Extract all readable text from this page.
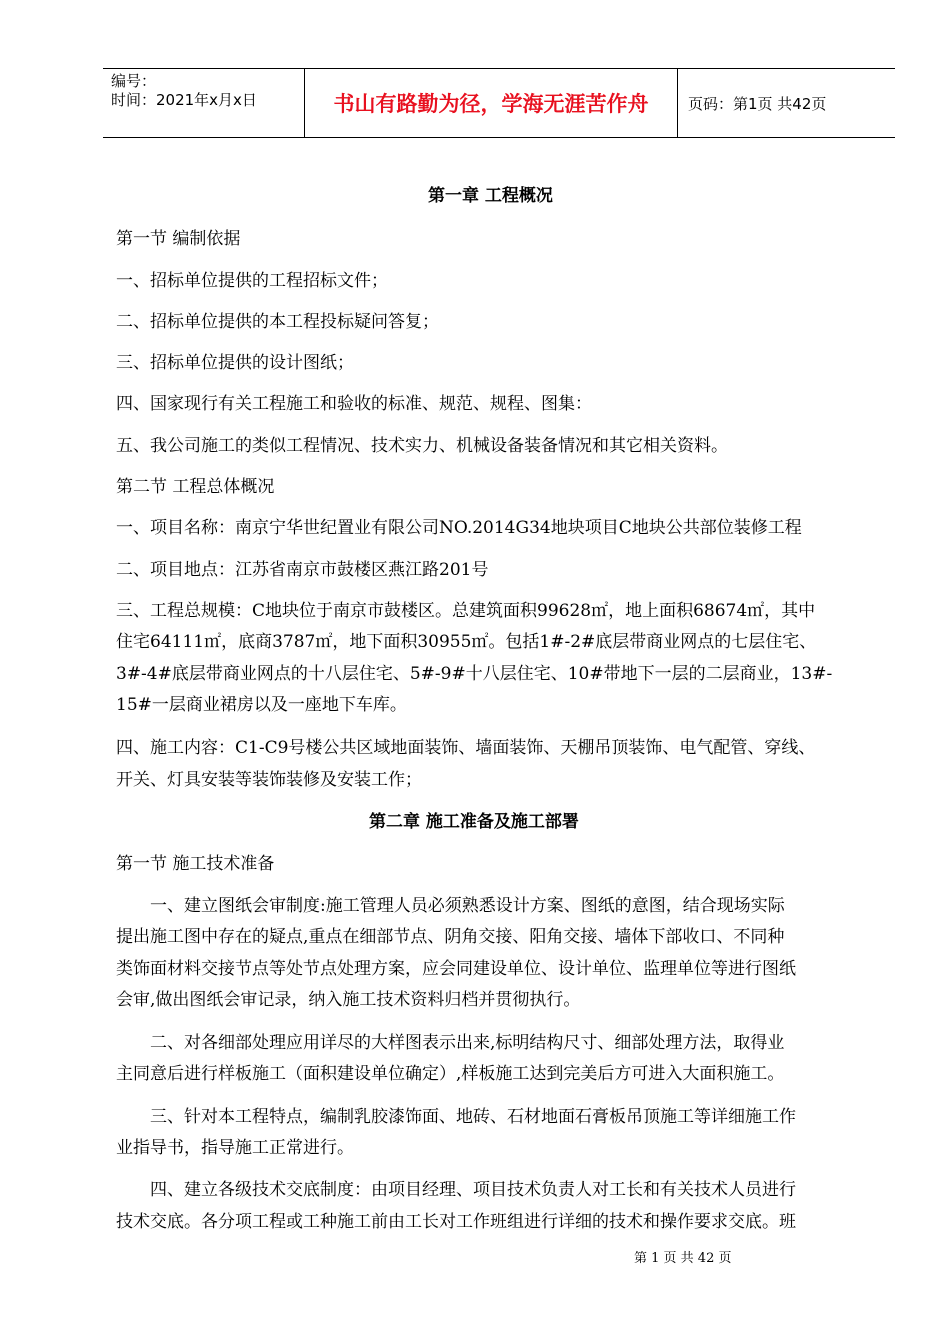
编号：
时间：2021年x月x日	书山有路勤为径，学海无涯苦作舟	页码：第1页 共42页
第一章 工程概况
第一节 编制依据
一、招标单位提供的工程招标文件；
二、招标单位提供的本工程投标疑问答复；
三、招标单位提供的设计图纸；
四、国家现行有关工程施工和验收的标准、规范、规程、图集：
五、我公司施工的类似工程情况、技术实力、机械设备装备情况和其它相关资料。
第二节 工程总体概况
一、项目名称：南京宁华世纪置业有限公司NO.2014G34地块项目C地块公共部位装修工程
二、项目地点：江苏省南京市鼓楼区燕江路201号
三、工程总规模：C地块位于南京市鼓楼区。总建筑面积99628㎡，地上面积68674㎡，其中
住宅64111㎡，底商3787㎡，地下面积30955㎡。包括1#-2#底层带商业网点的七层住宅、
3#-4#底层带商业网点的十八层住宅、5#-9#十八层住宅、10#带地下一层的二层商业，13#-
15#一层商业裙房以及一座地下车库。
四、施工内容：C1-C9号楼公共区域地面装饰、墙面装饰、天棚吊顶装饰、电气配管、穿线、
开关、灯具安装等装饰装修及安装工作；
第二章 施工准备及施工部署
第一节 施工技术准备
一、建立图纸会审制度:施工管理人员必须熟悉设计方案、图纸的意图，结合现场实际
提出施工图中存在的疑点,重点在细部节点、阴角交接、阳角交接、墙体下部收口、不同种
类饰面材料交接节点等处节点处理方案，应会同建设单位、设计单位、监理单位等进行图纸
会审,做出图纸会审记录，纳入施工技术资料归档并贯彻执行。
二、对各细部处理应用详尽的大样图表示出来,标明结构尺寸、细部处理方法，取得业
主同意后进行样板施工（面积建设单位确定）,样板施工达到完美后方可进入大面积施工。
三、针对本工程特点，编制乳胶漆饰面、地砖、石材地面石膏板吊顶施工等详细施工作
业指导书，指导施工正常进行。
四、建立各级技术交底制度：由项目经理、项目技术负责人对工长和有关技术人员进行
技术交底。各分项工程或工种施工前由工长对工作班组进行详细的技术和操作要求交底。班
第 1 页 共 42 页
